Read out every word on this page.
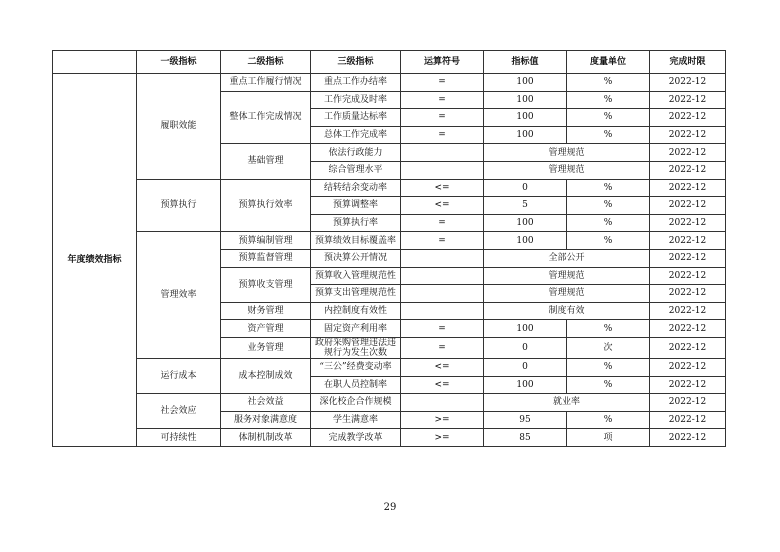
	一级指标	二级指标	三级指标	运算符号	指标值	度量单位	完成时限
年度绩效指标	履职效能	重点工作履行情况	重点工作办结率	=	100	%	2022-12
		整体工作完成情况	工作完成及时率	=	100	%	2022-12
			工作质量达标率	=	100	%	2022-12
			总体工作完成率	=	100	%	2022-12
		基础管理	依法行政能力		管理规范		2022-12
			综合管理水平		管理规范		2022-12
	预算执行	预算执行效率	结转结余变动率	<=	0	%	2022-12
			预算调整率	<=	5	%	2022-12
			预算执行率	=	100	%	2022-12
	管理效率	预算编制管理	预算绩效目标覆盖率	=	100	%	2022-12
		预算监督管理	预决算公开情况		全部公开		2022-12
		预算收支管理	预算收入管理规范性		管理规范		2022-12
			预算支出管理规范性		管理规范		2022-12
		财务管理	内控制度有效性		制度有效		2022-12
		资产管理	固定资产利用率	=	100	%	2022-12
		业务管理	政府采购管理违法违规行为发生次数	=	0	次	2022-12
	运行成本	成本控制成效	“三公”经费变动率	<=	0	%	2022-12
			在职人员控制率	<=	100	%	2022-12
	社会效应	社会效益	深化校企合作规模		就业率		2022-12
		服务对象满意度	学生满意率	>=	95	%	2022-12
	可持续性	体制机制改革	完成教学改革	>=	85	项	2022-12
29
